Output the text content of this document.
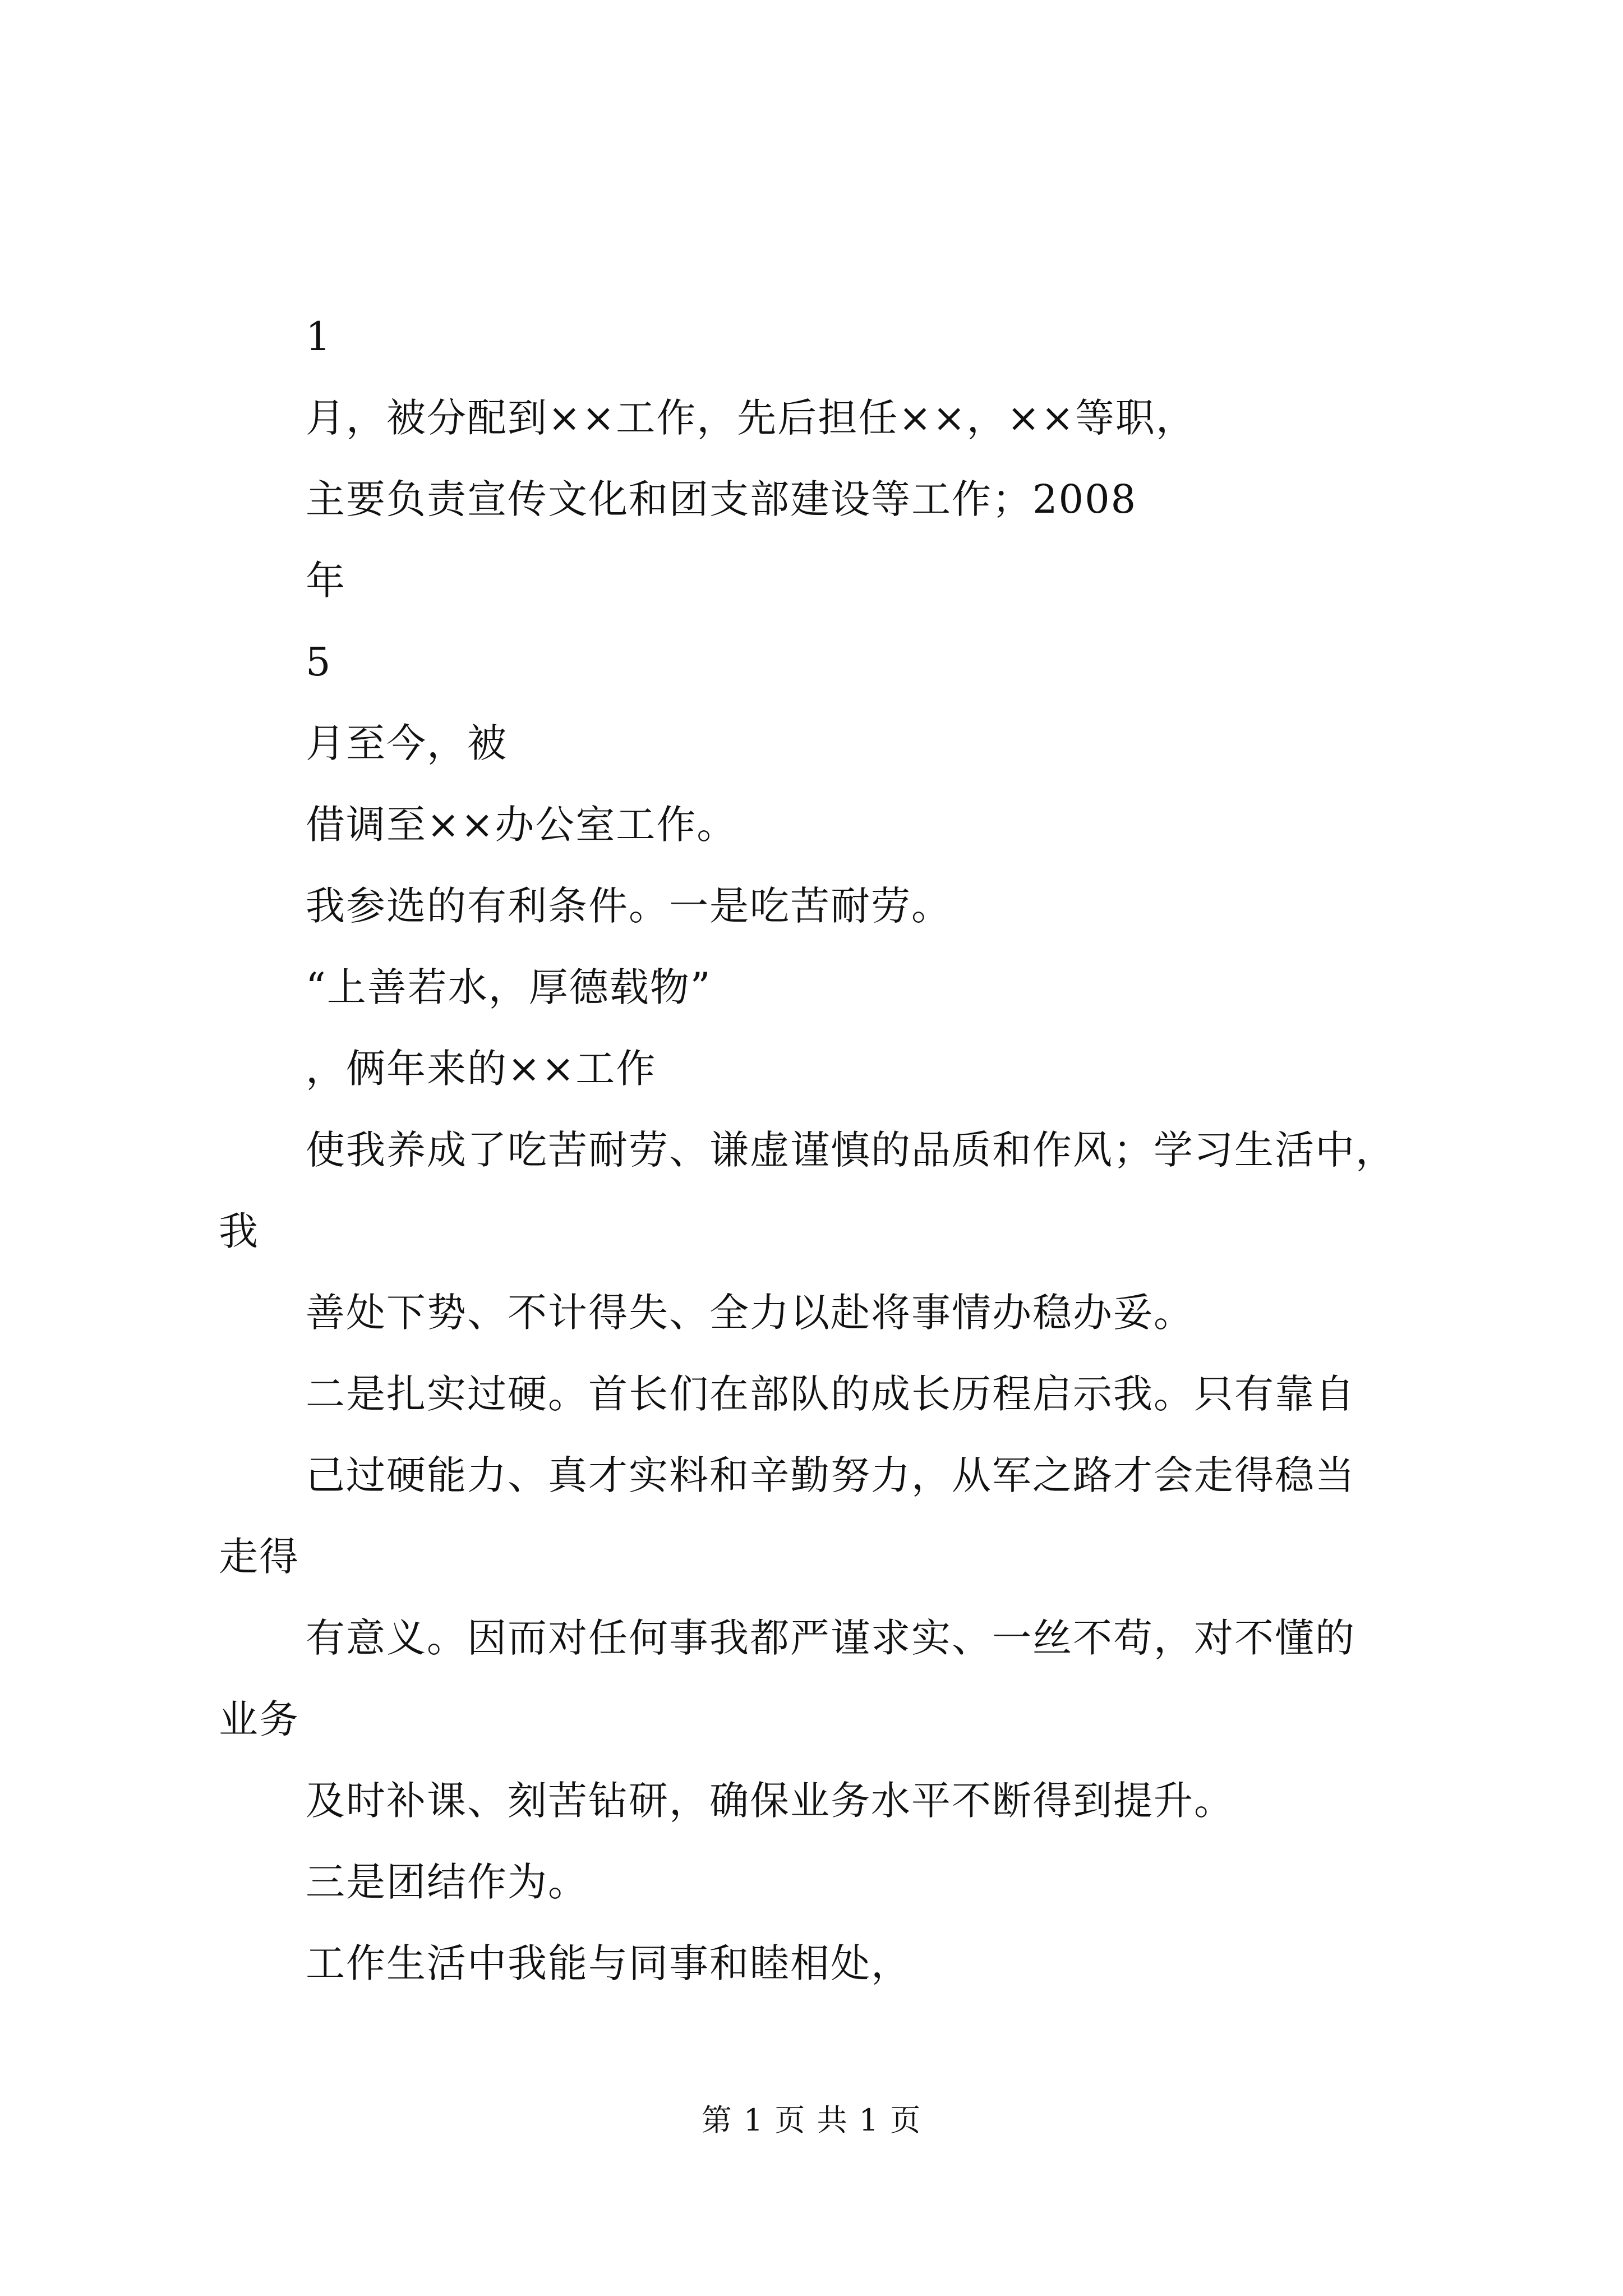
1
月，被分配到××工作，先后担任××，××等职，
主要负责宣传文化和团支部建设等工作；2008
年
5
月至今，被
借调至××办公室工作。
我参选的有利条件。一是吃苦耐劳。
“上善若水，厚德载物”
，俩年来的××工作
使我养成了吃苦耐劳、谦虚谨慎的品质和作风；学习生活中，
我
善处下势、不计得失、全力以赴将事情办稳办妥。
二是扎实过硬。首长们在部队的成长历程启示我。只有靠自
己过硬能力、真才实料和辛勤努力，从军之路才会走得稳当
走得
有意义。因而对任何事我都严谨求实、一丝不苟，对不懂的
业务
及时补课、刻苦钻研，确保业务水平不断得到提升。
三是团结作为。
工作生活中我能与同事和睦相处，
第 1 页 共 1 页
